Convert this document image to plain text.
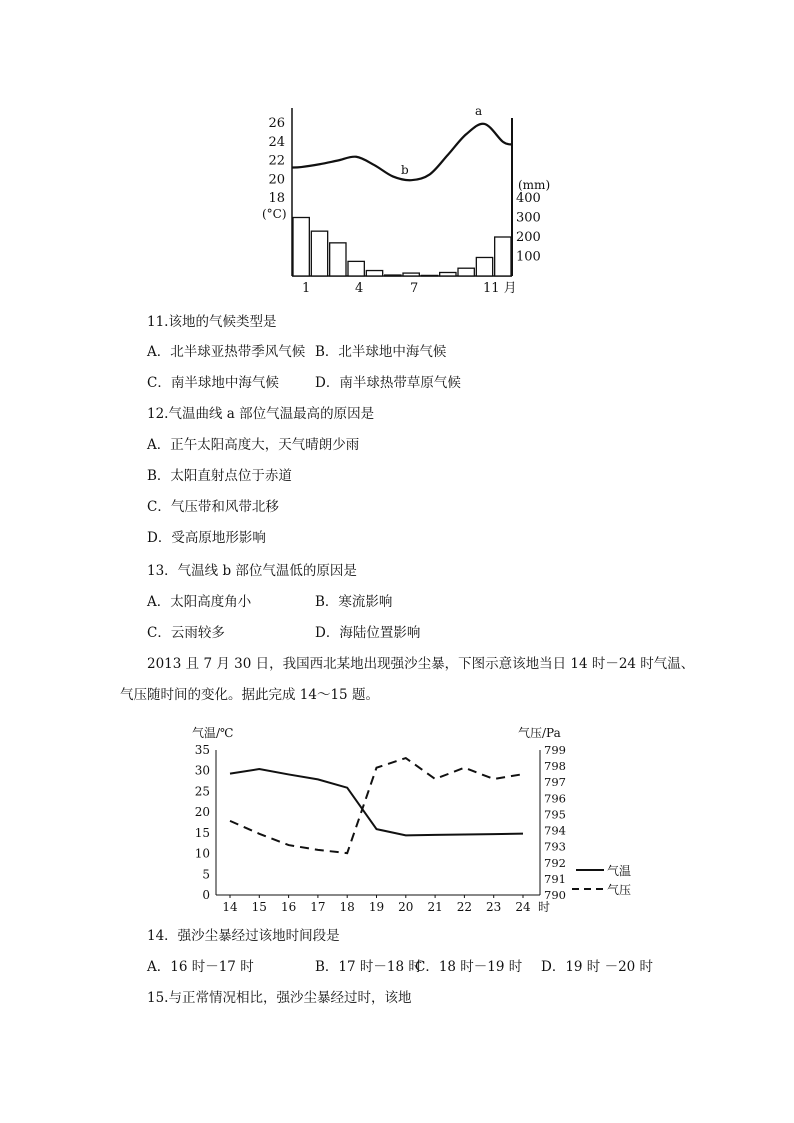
26
24
22
20
18
(°C)
(mm)
400
300
200
100
a
b
1	4	7	11 月
11.该地的气候类型是
A．北半球亚热带季风气候 B．北半球地中海气候
C．南半球地中海气候	D．南半球热带草原气候
12.气温曲线 a 部位气温最高的原因是
A．正午太阳高度大，天气晴朗少雨
B．太阳直射点位于赤道
C．气压带和风带北移
D．受高原地形影响
13．气温线 b 部位气温低的原因是
A．太阳高度角小	B．寒流影响
C．云雨较多	D．海陆位置影响
2013 且 7 月 30 日，我国西北某地出现强沙尘暴，下图示意该地当日 14 时－24 时气温、
气压随时间的变化。据此完成 14～15 题。
气温/℃	气压/Pa
35
30
25
20
15
10
5
0
799
798
797
796
795
794
793
792
791
790
14 15 16 17 18 19 20 21 22 23 24 时
气温
气压
14．强沙尘暴经过该地时间段是
A．16 时－17 时	B．17 时－18 时
C．18 时－19 时 D．19 时 －20 时
15.与正常情况相比，强沙尘暴经过时，该地
